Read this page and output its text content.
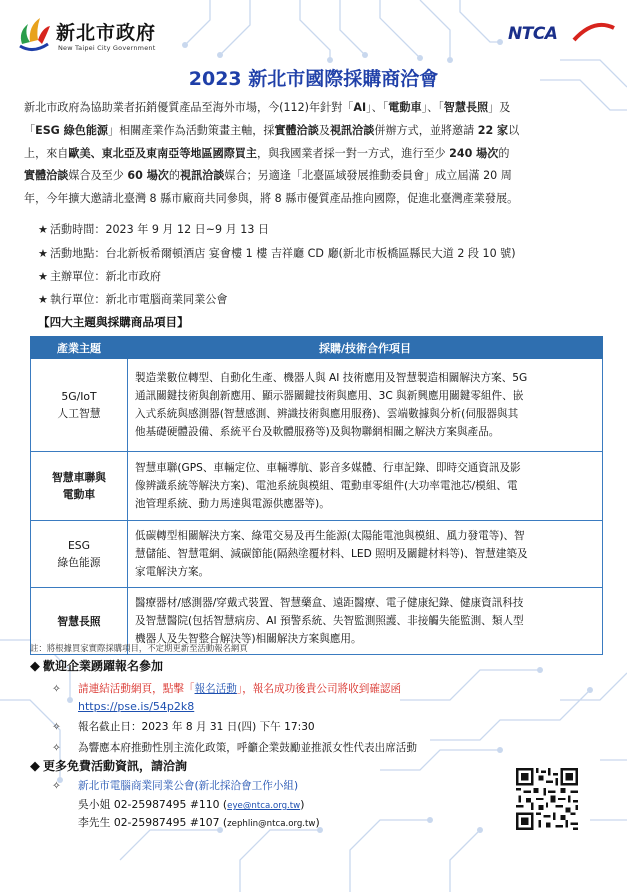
新北市政府
New Taipei City Government
NTCA
2023 新北市國際採購商洽會
新北市政府為協助業者拓銷優質產品至海外市場，今(112)年針對「AI」、「電動車」、「智慧長照」及
「ESG 綠色能源」相關產業作為活動策畫主軸，採實體洽談及視訊洽談併辦方式，並將邀請 22 家以
上，來自歐美、東北亞及東南亞等地區國際買主，與我國業者採一對一方式，進行至少 240 場次的
實體洽談媒合及至少 60 場次的視訊洽談媒合；另適逢「北臺區域發展推動委員會」成立屆滿 20 周
年，今年擴大邀請北臺灣 8 縣市廠商共同參與，將 8 縣市優質產品推向國際，促進北臺灣產業發展。
★ 活動時間：2023 年 9 月 12 日~9 月 13 日
★ 活動地點：台北新板希爾頓酒店 宴會樓 1 樓 吉祥廳 CD 廳(新北市板橋區縣民大道 2 段 10 號)
★ 主辦單位：新北市政府
★ 執行單位：新北市電腦商業同業公會
【四大主題與採購商品項目】
產業主題	採購/技術合作項目
5G/IoT
人工智慧	製造業數位轉型、自動化生產、機器人與 AI 技術應用及智慧製造相關解決方案、5G
通訊關鍵技術與創新應用、顯示器關鍵技術與應用、3C 與新興應用關鍵零組件、嵌
入式系統與感測器(智慧感測、辨識技術與應用服務)、雲端數據與分析(伺服器與其
他基礎硬體設備、系統平台及軟體服務等)及與物聯網相關之解決方案與產品。
智慧車聯與
電動車	智慧車聯(GPS、車輛定位、車輛導航、影音多媒體、行車記錄、即時交通資訊及影
像辨識系統等解決方案)、電池系統與模組、電動車零組件(大功率電池芯/模組、電
池管理系統、動力馬達與電源供應器等)。
ESG
綠色能源	低碳轉型相關解決方案、綠電交易及再生能源(太陽能電池與模組、風力發電等)、智
慧儲能、智慧電網、減碳節能(隔熱塗覆材料、LED 照明及關鍵材料等)、智慧建築及
家電解決方案。
智慧長照	醫療器材/感測器/穿戴式裝置、智慧藥盒、遠距醫療、電子健康紀錄、健康資訊科技
及智慧醫院(包括智慧病房、AI 預警系統、失智監測照護、非接觸失能監測、類人型
機器人及失智整合解決等)相關解決方案與應用。
註：將根據買家實際採購項目，不定期更新至活動報名網頁
◆ 歡迎企業踴躍報名參加
✧ 請連結活動網頁，點擊「報名活動」，報名成功後貴公司將收到確認函
https://pse.is/54p2k8
✧ 報名截止日：2023 年 8 月 31 日(四) 下午 17:30
✧ 為響應本府推動性別主流化政策，呼籲企業鼓勵並推派女性代表出席活動
◆ 更多免費活動資訊，請洽詢
✧ 新北市電腦商業同業公會(新北採洽會工作小組)
吳小姐 02-25987495 #110 (eye@ntca.org.tw)
李先生 02-25987495 #107 (zephlin@ntca.org.tw)
